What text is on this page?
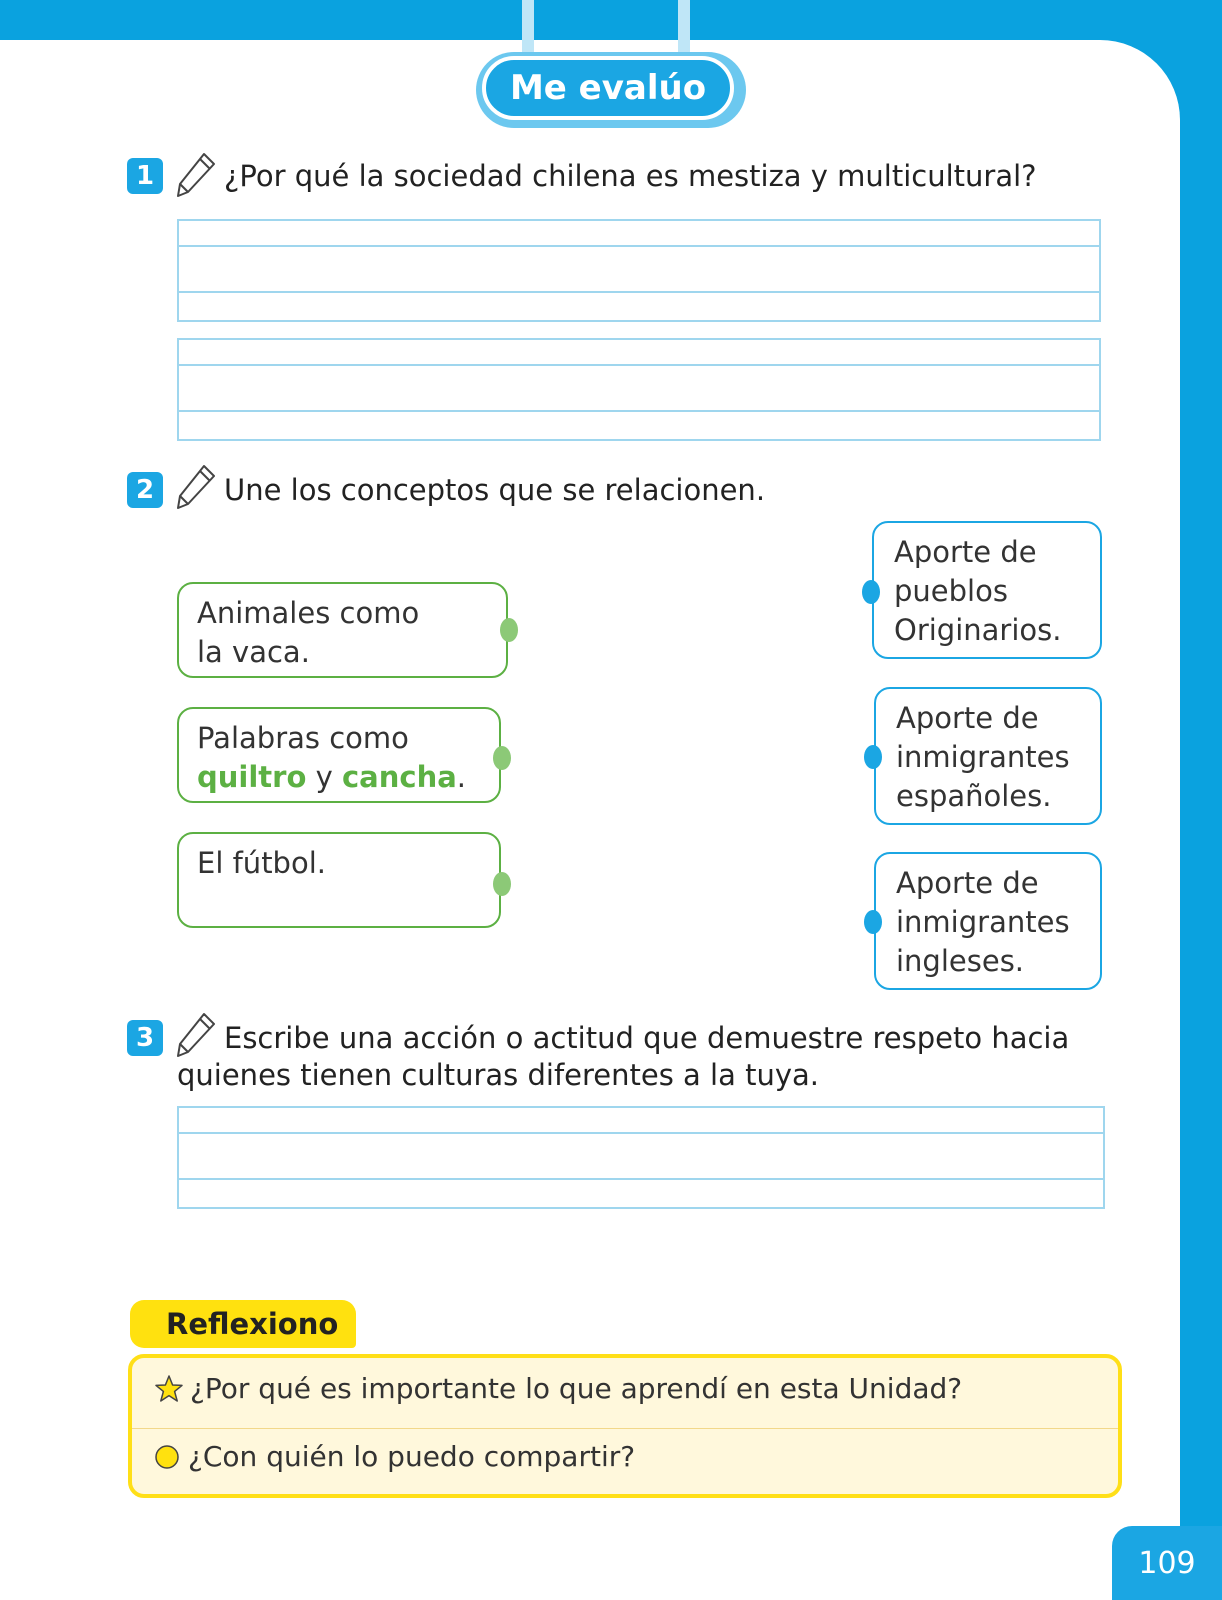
Me evalúo
1	¿Por qué la sociedad chilena es mestiza y multicultural?
2	Une los conceptos que se relacionen.
Animales como
la vaca.
Palabras como
quiltro y cancha.
El fútbol.
Aporte de
pueblos
Originarios.
Aporte de
inmigrantes
españoles.
Aporte de
inmigrantes
ingleses.
3	Escribe una acción o actitud que demuestre respeto hacia
quienes tienen culturas diferentes a la tuya.
Reflexiono
¿Por qué es importante lo que aprendí en esta Unidad?
¿Con quién lo puedo compartir?
109
